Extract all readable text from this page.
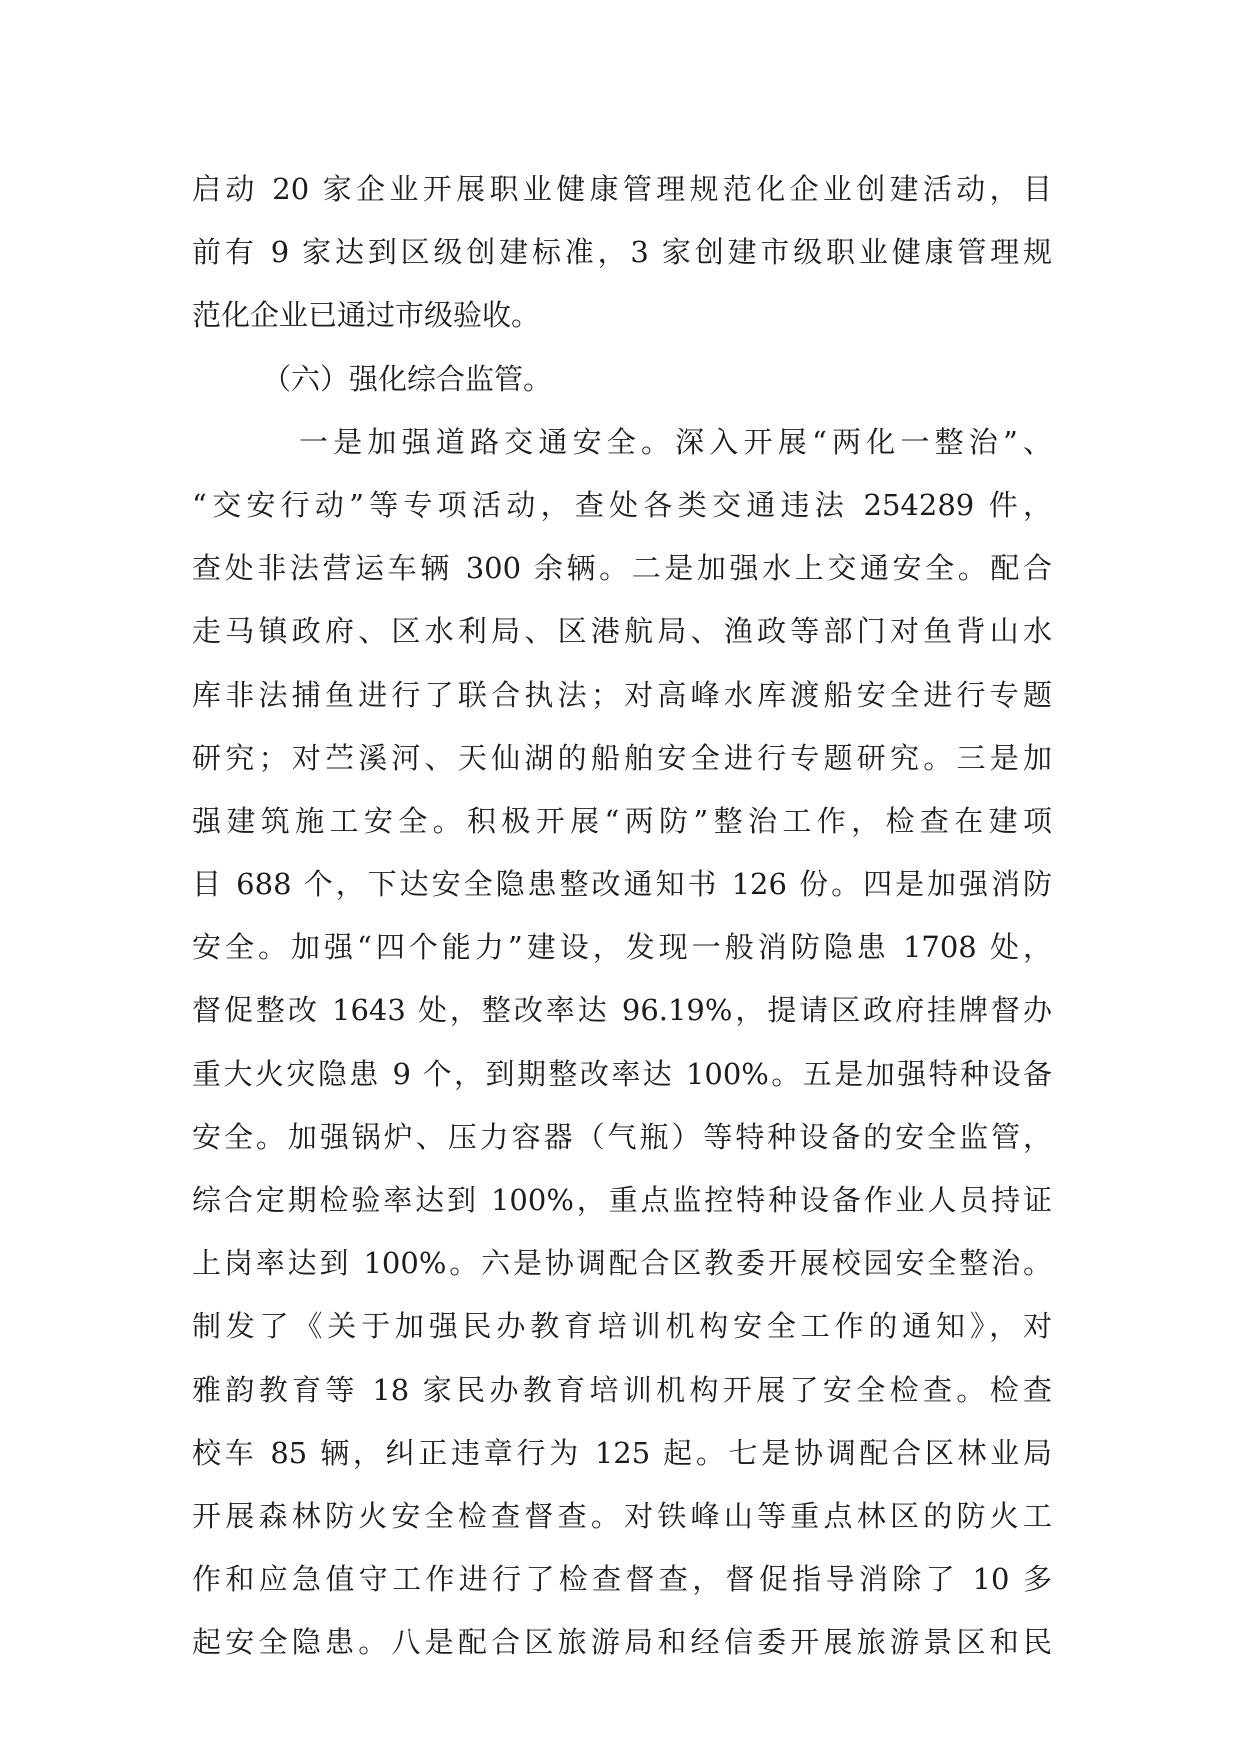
启动 20 家企业开展职业健康管理规范化企业创建活动，目
前有 9 家达到区级创建标准，3 家创建市级职业健康管理规
范化企业已通过市级验收。
（六）强化综合监管。
一是加强道路交通安全。深入开展“两化一整治”、
“交安行动”等专项活动，查处各类交通违法 254289 件，
查处非法营运车辆 300 余辆。二是加强水上交通安全。配合
走马镇政府、区水利局、区港航局、渔政等部门对鱼背山水
库非法捕鱼进行了联合执法；对高峰水库渡船安全进行专题
研究；对苎溪河、天仙湖的船舶安全进行专题研究。三是加
强建筑施工安全。积极开展“两防”整治工作，检查在建项
目 688 个，下达安全隐患整改通知书 126 份。四是加强消防
安全。加强“四个能力”建设，发现一般消防隐患 1708 处，
督促整改 1643 处，整改率达 96.19%，提请区政府挂牌督办
重大火灾隐患 9 个，到期整改率达 100%。五是加强特种设备
安全。加强锅炉、压力容器（气瓶）等特种设备的安全监管，
综合定期检验率达到 100%，重点监控特种设备作业人员持证
上岗率达到 100%。六是协调配合区教委开展校园安全整治。
制发了《关于加强民办教育培训机构安全工作的通知》，对
雅韵教育等 18 家民办教育培训机构开展了安全检查。检查
校车 85 辆，纠正违章行为 125 起。七是协调配合区林业局
开展森林防火安全检查督查。对铁峰山等重点林区的防火工
作和应急值守工作进行了检查督查，督促指导消除了 10 多
起安全隐患。八是配合区旅游局和经信委开展旅游景区和民
